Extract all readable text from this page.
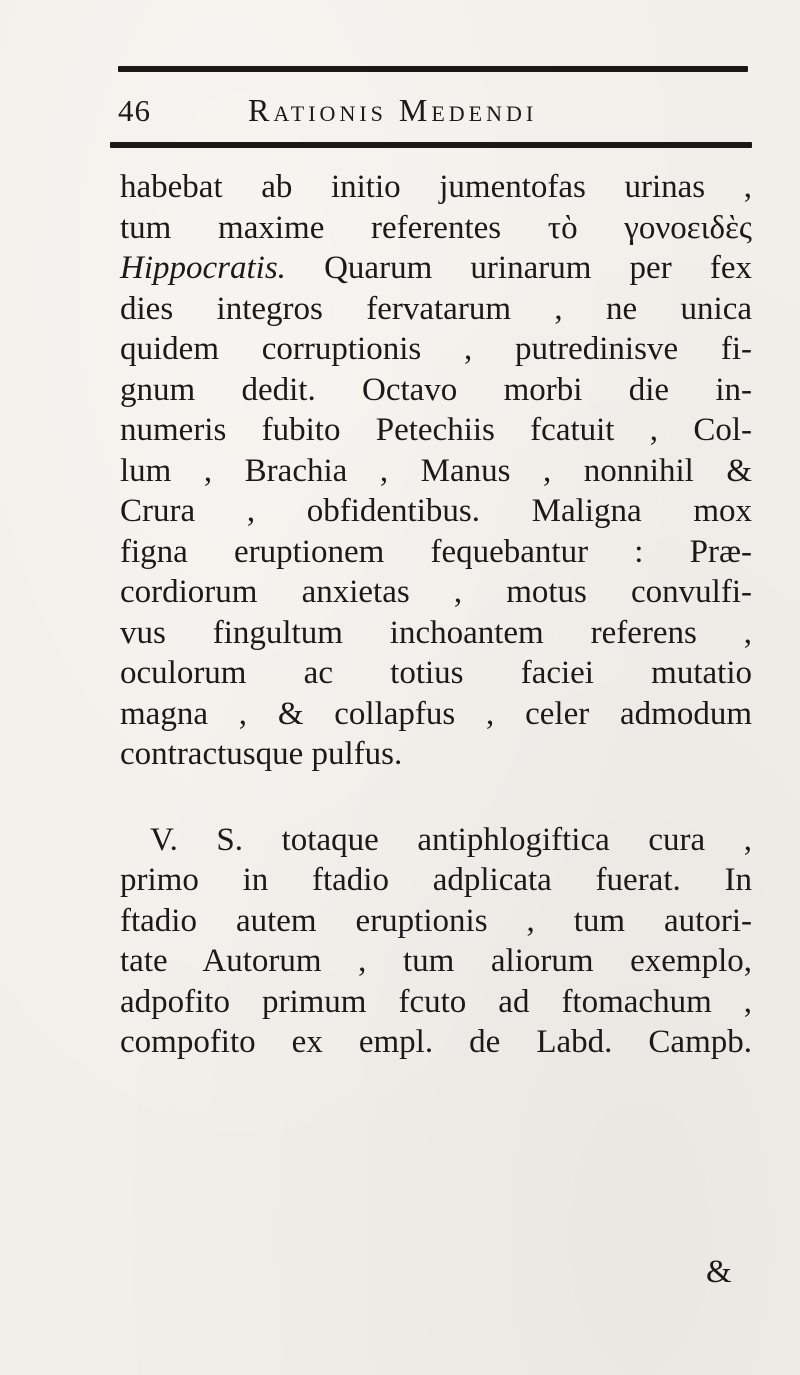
46	Rationis Medendi
habebat ab initio jumentofas urinas ,
tum maxime referentes τὸ γονοειδὲς
Hippocratis. Quarum urinarum per fex
dies integros fervatarum , ne unica
quidem corruptionis , putredinisve fi-
gnum dedit. Octavo morbi die in-
numeris fubito Petechiis fcatuit , Col-
lum , Brachia , Manus , nonnihil &
Crura , obfidentibus. Maligna mox
figna eruptionem fequebantur : Præ-
cordiorum anxietas , motus convulfi-
vus fingultum inchoantem referens ,
oculorum ac totius faciei mutatio
magna , & collapfus , celer admodum
contractusque pulfus.
V. S. totaque antiphlogiftica cura ,
primo in ftadio adplicata fuerat. In
ftadio autem eruptionis , tum autori-
tate Autorum , tum aliorum exemplo,
adpofito primum fcuto ad ftomachum ,
compofito ex empl. de Labd. Campb.
&
